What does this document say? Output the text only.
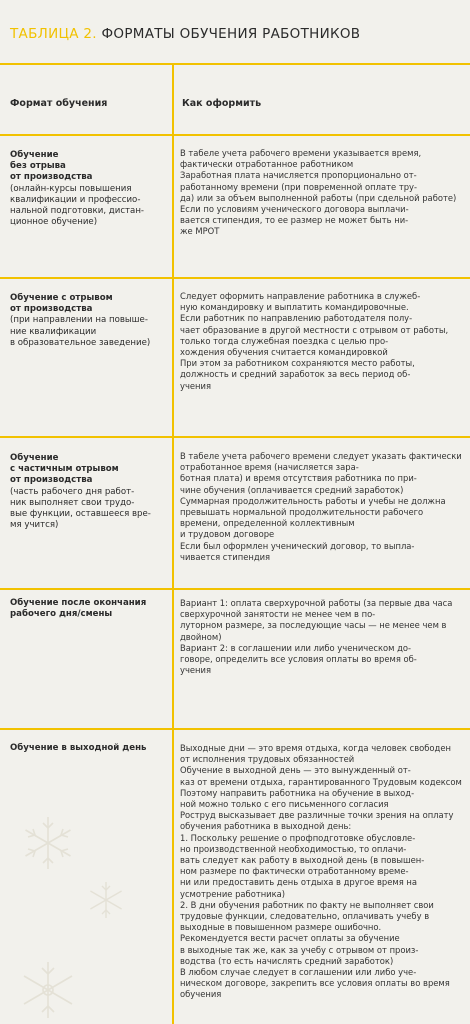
ТАБЛИЦА 2. ФОРМАТЫ ОБУЧЕНИЯ РАБОТНИКОВ
Формат обучения	Как оформить
Обучение
без отрыва
от производства
(онлайн-курсы повышения квалификации и профессио-
нальной подготовки, дистан-
ционное обучение)
В табеле учета рабочего времени указывается время, фактически отработанное работником
Заработная плата начисляется пропорционально от-
работанному времени (при повременной оплате тру-
да) или за объем выполненной работы (при сдельной работе)
Если по условиям ученического договора выплачи-
вается стипендия, то ее размер не может быть ни-
же МРОТ
Обучение с отрывом
от производства
(при направлении на повыше-
ние квалификации
в образовательное заведение)
Следует оформить направление работника в служеб-
ную командировку и выплатить командировочные.
Если работник по направлению работодателя полу-
чает образование в другой местности с отрывом от работы, только тогда служебная поездка с целью про-
хождения обучения считается командировкой
При этом за работником сохраняются место работы, должность и средний заработок за весь период об-
учения
Обучение
с частичным отрывом
от производства
(часть рабочего дня работ-
ник выполняет свои трудо-
вые функции, оставшееся вре-
мя учится)
В табеле учета рабочего времени следует указать фактически отработанное время (начисляется зара-
ботная плата) и время отсутствия работника по при-
чине обучения (оплачивается средний заработок)
Суммарная продолжительность работы и учебы не должна превышать нормальной продолжительности рабочего времени, определенной коллективным
и трудовом договоре
Если был оформлен ученический договор, то выпла-
чивается стипендия
Обучение после окончания рабочего дня/смены
Вариант 1: оплата сверхурочной работы (за первые два часа сверхурочной занятости не менее чем в по-
луторном размере, за последующие часы — не менее чем в двойном)
Вариант 2: в соглашении или либо ученическом до-
говоре, определить все условия оплаты во время об-
учения
Обучение в выходной день	Выходные дни — это время отдыха, когда человек свободен от исполнения трудовых обязанностей
Обучение в выходной день — это вынужденный от-
каз от времени отдыха, гарантированного Трудовым кодексом
Поэтому направить работника на обучение в выход-
ной можно только с его письменного согласия
Роструд высказывает две различные точки зрения на оплату обучения работника в выходной день:
1. Поскольку решение о профподготовке обусловле-
но производственной необходимостью, то оплачи-
вать следует как работу в выходной день (в повышен-
ном размере по фактически отработанному време-
ни или предоставить день отдыха в другое время на усмотрение работника)
2. В дни обучения работник по факту не выполняет свои трудовые функции, следовательно, оплачивать учебу в выходные в повышенном размере ошибочно.
Рекомендуется вести расчет оплаты за обучение
в выходные так же, как за учебу с отрывом от произ-
водства (то есть начислять средний заработок)
В любом случае следует в соглашении или либо уче-
ническом договоре, закрепить все условия оплаты во время обучения
